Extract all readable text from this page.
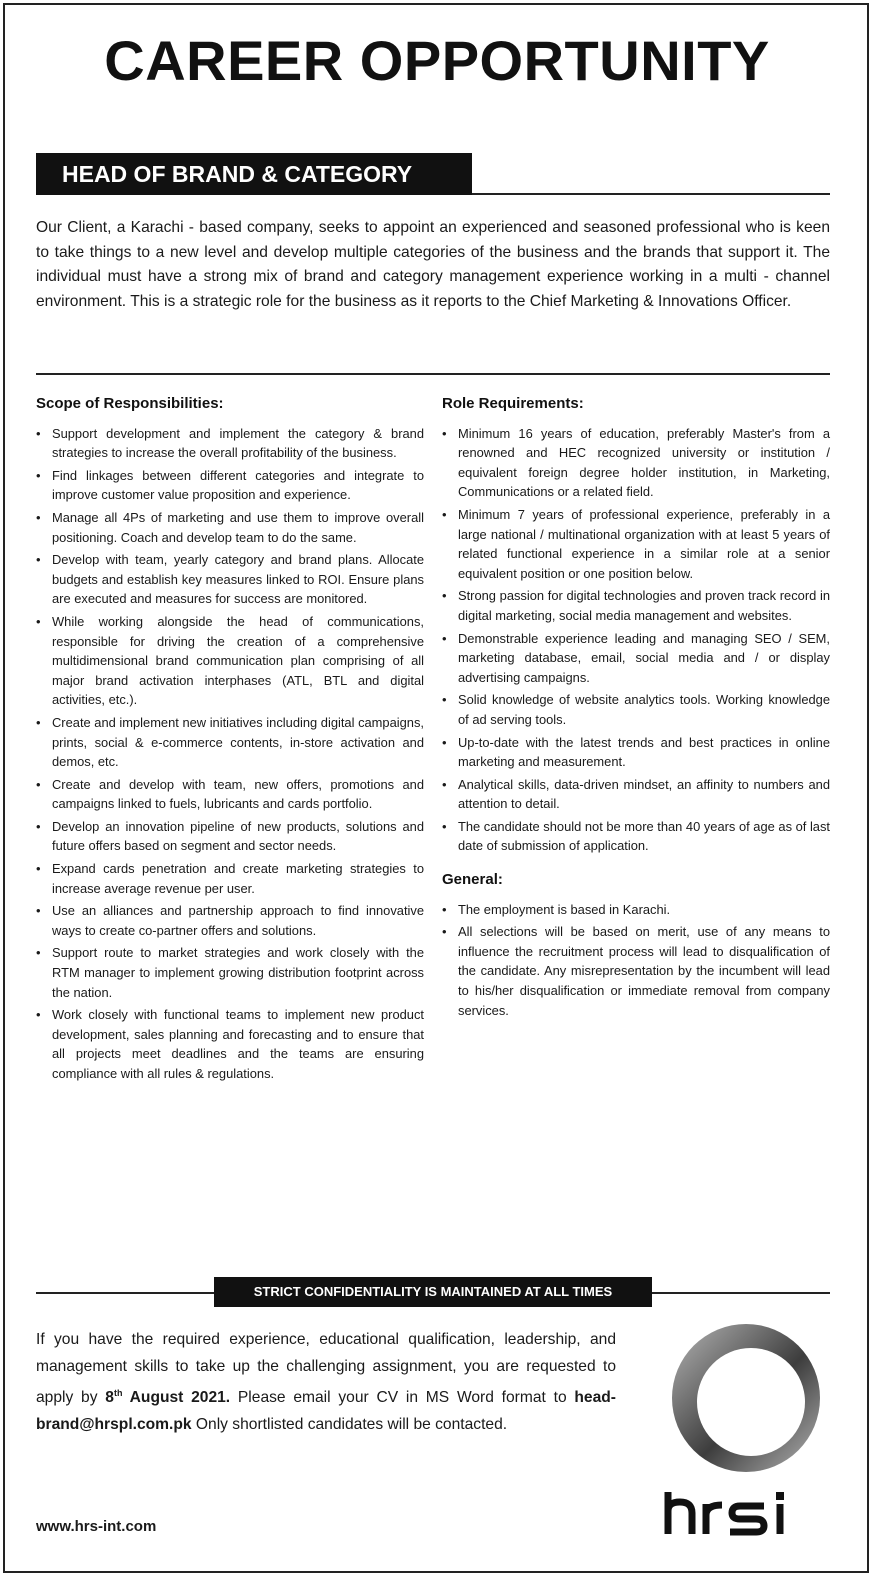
CAREER OPPORTUNITY
HEAD OF BRAND & CATEGORY

Our Client, a Karachi - based company, seeks to appoint an experienced and seasoned professional who is keen to take things to a new level and develop multiple categories of the business and the brands that support it. The individual must have a strong mix of brand and category management experience working in a multi - channel environment. This is a strategic role for the business as it reports to the Chief Marketing & Innovations Officer.

Scope of Responsibilities:
• Support development and implement the category & brand strategies to increase the overall profitability of the business.
• Find linkages between different categories and integrate to improve customer value proposition and experience.
• Manage all 4Ps of marketing and use them to improve overall positioning. Coach and develop team to do the same.
• Develop with team, yearly category and brand plans. Allocate budgets and establish key measures linked to ROI. Ensure plans are executed and measures for success are monitored.
• While working alongside the head of communications, responsible for driving the creation of a comprehensive multidimensional brand communication plan comprising of all major brand activation interphases (ATL, BTL and digital activities, etc.).
• Create and implement new initiatives including digital campaigns, prints, social & e-commerce contents, in-store activation and demos, etc.
• Create and develop with team, new offers, promotions and campaigns linked to fuels, lubricants and cards portfolio.
• Develop an innovation pipeline of new products, solutions and future offers based on segment and sector needs.
• Expand cards penetration and create marketing strategies to increase average revenue per user.
• Use an alliances and partnership approach to find innovative ways to create co-partner offers and solutions.
• Support route to market strategies and work closely with the RTM manager to implement growing distribution footprint across the nation.
• Work closely with functional teams to implement new product development, sales planning and forecasting and to ensure that all projects meet deadlines and the teams are ensuring compliance with all rules & regulations.
Role Requirements:
• Minimum 16 years of education, preferably Master's from a renowned and HEC recognized university or institution / equivalent foreign degree holder institution, in Marketing, Communications or a related field.
• Minimum 7 years of professional experience, preferably in a large national / multinational organization with at least 5 years of related functional experience in a similar role at a senior equivalent position or one position below.
• Strong passion for digital technologies and proven track record in digital marketing, social media management and websites.
• Demonstrable experience leading and managing SEO / SEM, marketing database, email, social media and / or display advertising campaigns.
• Solid knowledge of website analytics tools. Working knowledge of ad serving tools.
• Up-to-date with the latest trends and best practices in online marketing and measurement.
• Analytical skills, data-driven mindset, an affinity to numbers and attention to detail.
• The candidate should not be more than 40 years of age as of last date of submission of application.
General:
• The employment is based in Karachi.
• All selections will be based on merit, use of any means to influence the recruitment process will lead to disqualification of the candidate. Any misrepresentation by the incumbent will lead to his/her disqualification or immediate removal from company services.
STRICT CONFIDENTIALITY IS MAINTAINED AT ALL TIMES

If you have the required experience, educational qualification, leadership, and management skills to take up the challenging assignment, you are requested to apply by 8th August 2021. Please email your CV in MS Word format to head-brand@hrspl.com.pk Only shortlisted candidates will be contacted.

www.hrs-int.com
